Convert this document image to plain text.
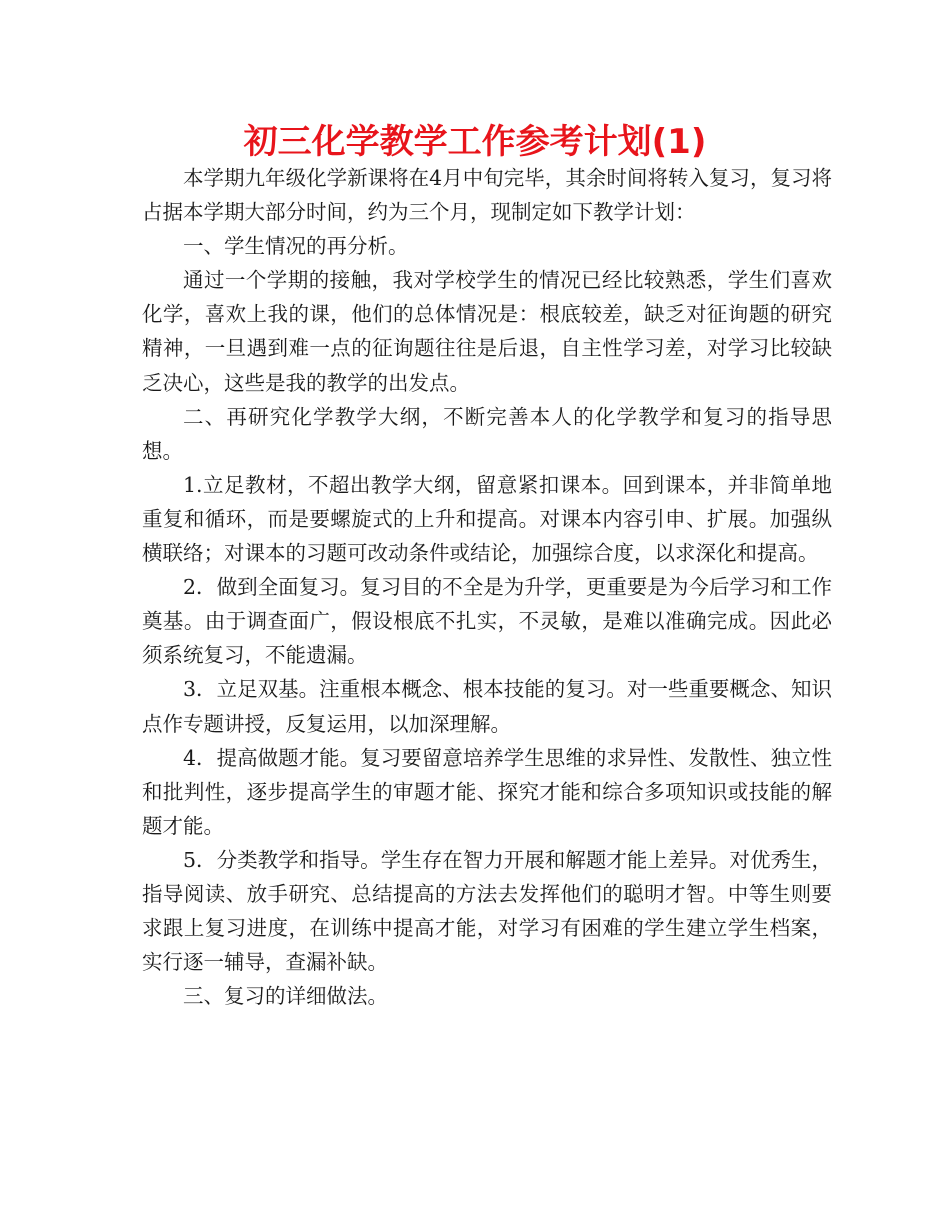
初三化学教学工作参考计划(1)

本学期九年级化学新课将在4月中旬完毕，其余时间将转入复习，复习将占据本学期大部分时间，约为三个月，现制定如下教学计划：

一、学生情况的再分析。

通过一个学期的接触，我对学校学生的情况已经比较熟悉，学生们喜欢化学，喜欢上我的课，他们的总体情况是：根底较差，缺乏对征询题的研究精神，一旦遇到难一点的征询题往往是后退，自主性学习差，对学习比较缺乏决心，这些是我的教学的出发点。

二、再研究化学教学大纲，不断完善本人的化学教学和复习的指导思想。

1.立足教材，不超出教学大纲，留意紧扣课本。回到课本，并非简单地重复和循环，而是要螺旋式的上升和提高。对课本内容引申、扩展。加强纵横联络；对课本的习题可改动条件或结论，加强综合度，以求深化和提高。

2．做到全面复习。复习目的不全是为升学，更重要是为今后学习和工作奠基。由于调查面广，假设根底不扎实，不灵敏，是难以准确完成。因此必须系统复习，不能遗漏。

3．立足双基。注重根本概念、根本技能的复习。对一些重要概念、知识点作专题讲授，反复运用，以加深理解。

4．提高做题才能。复习要留意培养学生思维的求异性、发散性、独立性和批判性，逐步提高学生的审题才能、探究才能和综合多项知识或技能的解题才能。

5．分类教学和指导。学生存在智力开展和解题才能上差异。对优秀生，指导阅读、放手研究、总结提高的方法去发挥他们的聪明才智。中等生则要求跟上复习进度，在训练中提高才能，对学习有困难的学生建立学生档案，实行逐一辅导，查漏补缺。

三、复习的详细做法。
